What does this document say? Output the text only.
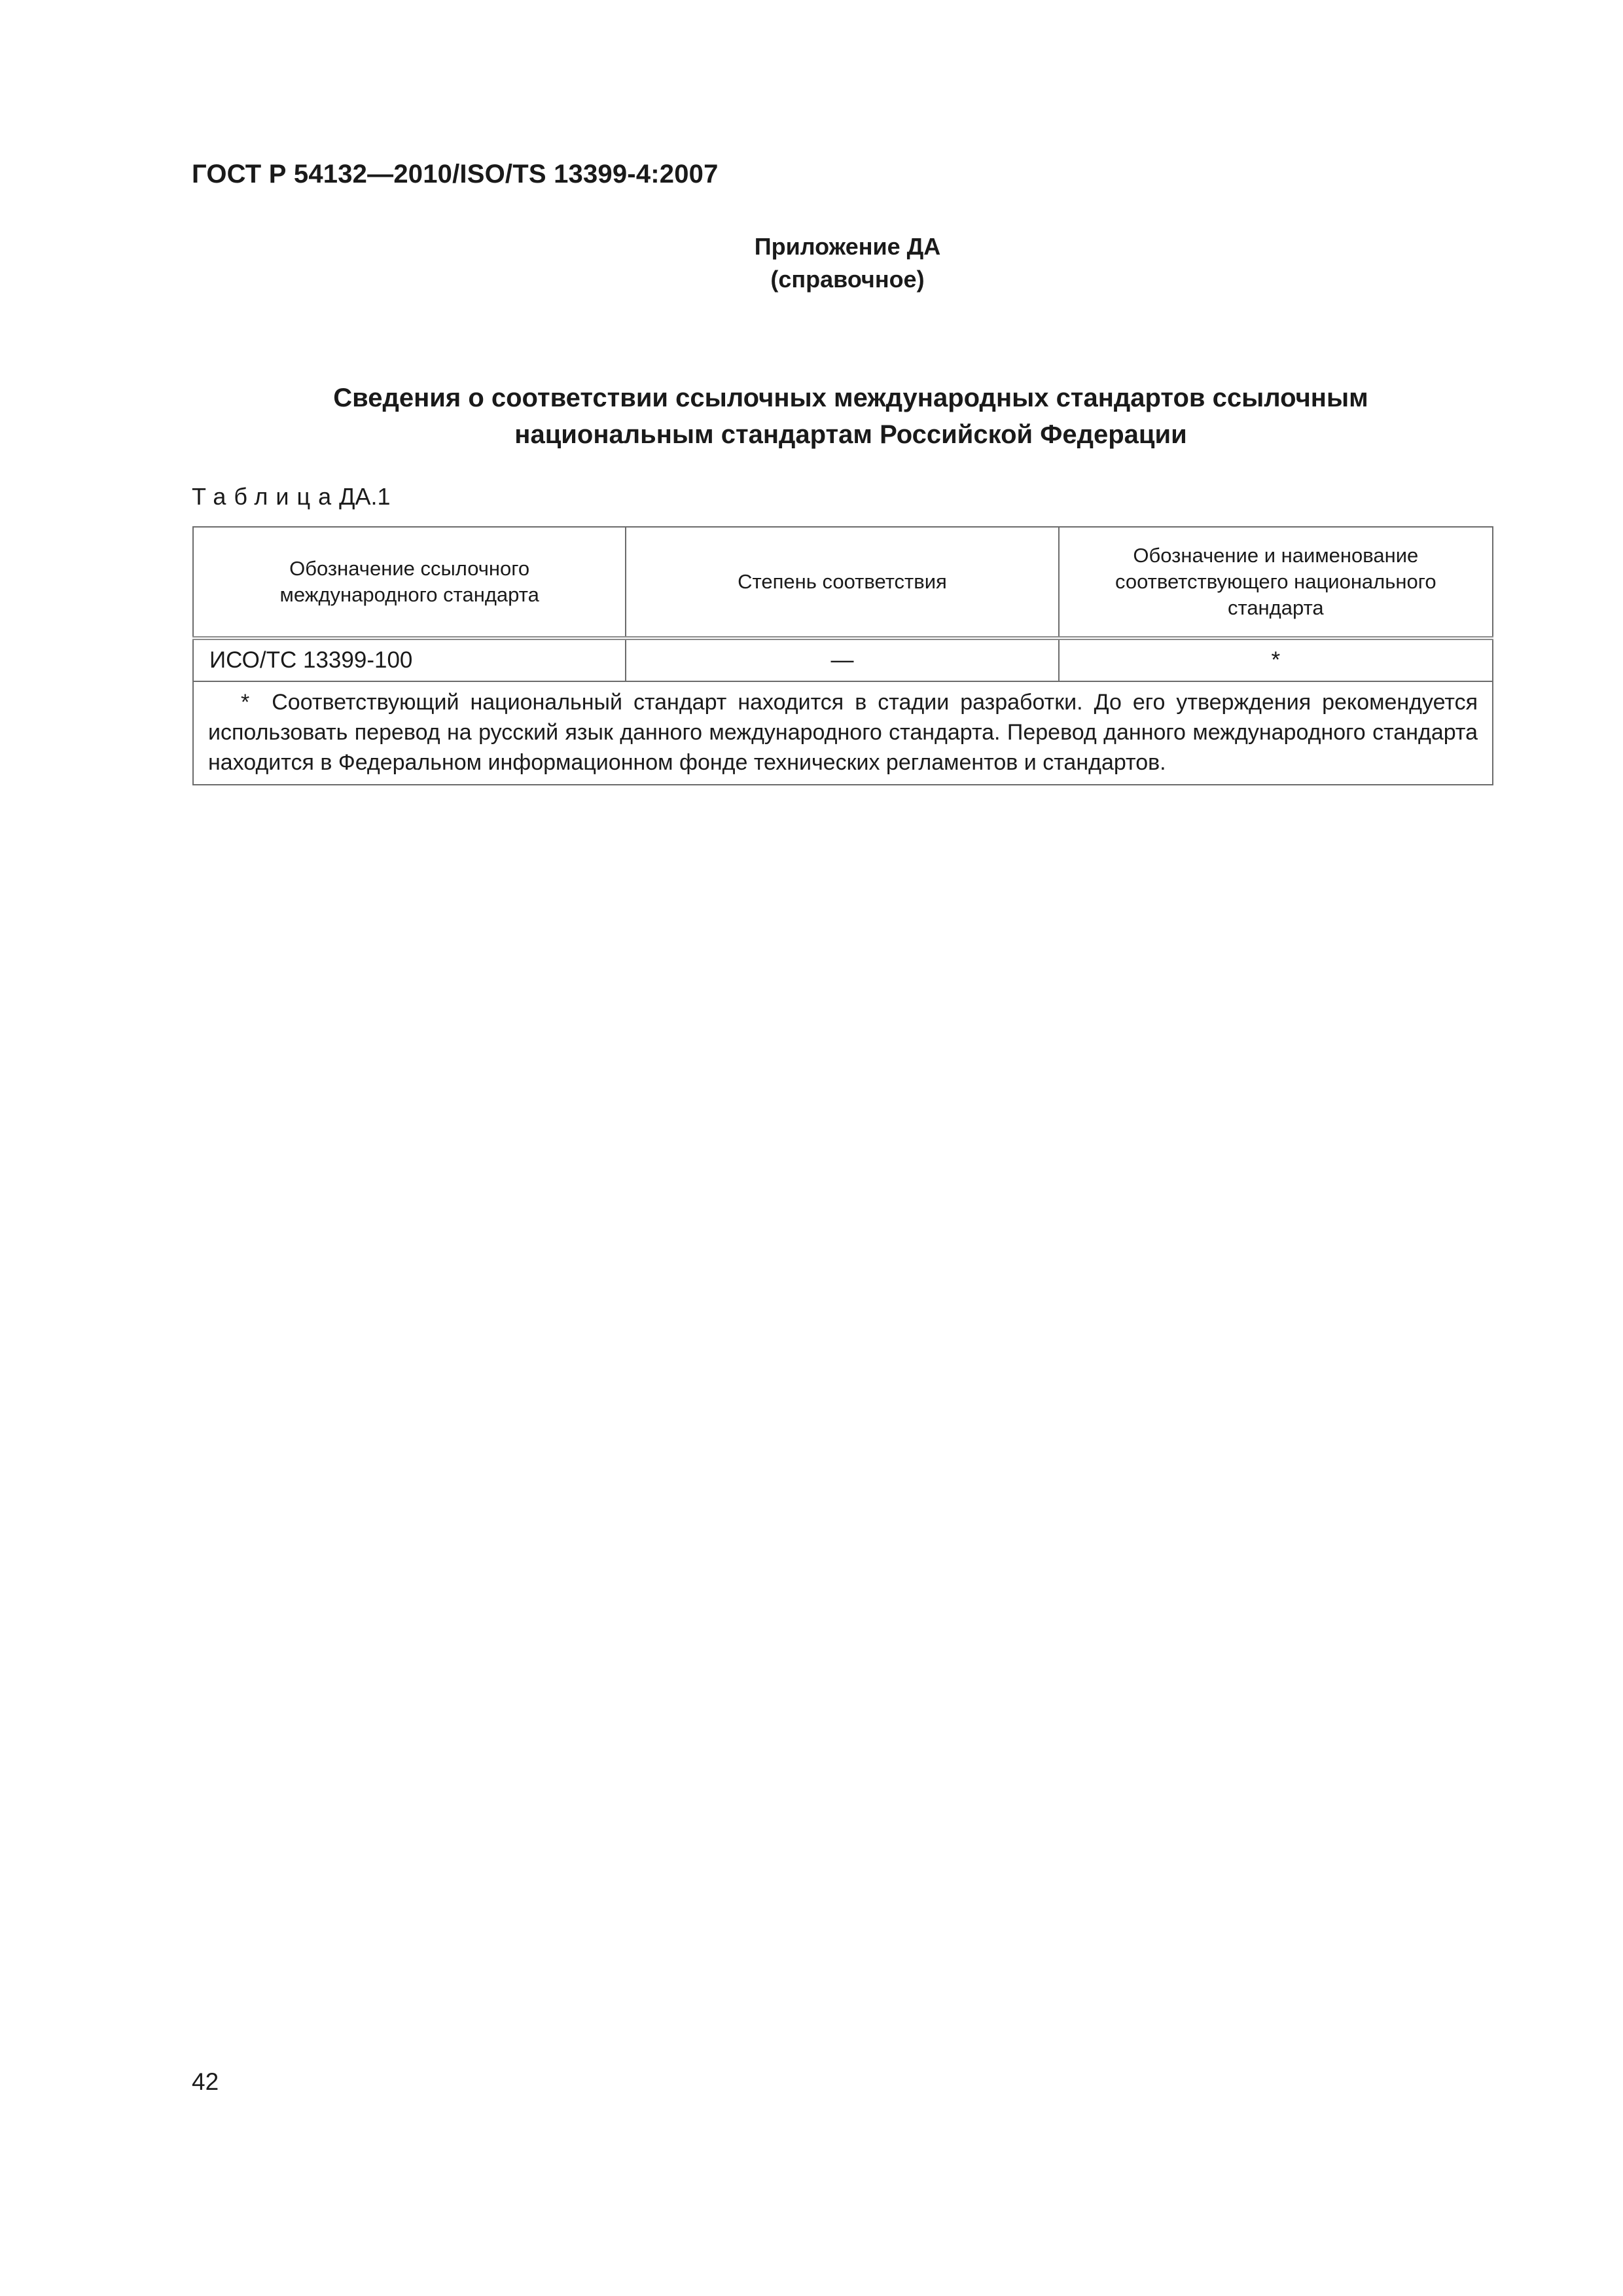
ГОСТ Р 54132—2010/ISO/TS 13399-4:2007
Приложение ДА
(справочное)
Сведения о соответствии ссылочных международных стандартов ссылочным
национальным стандартам Российской Федерации
ТаблицаДА.1
Обозначение ссылочного международного стандарта	Степень соответствия	Обозначение и наименование соответствующего национального стандарта
ИСО/ТС 13399-100	—	*
* Соответствующий национальный стандарт находится в стадии разработки. До его утверждения рекомендуется использовать перевод на русский язык данного международного стандарта. Перевод данного международного стандарта находится в Федеральном информационном фонде технических регламентов и стандартов.		
42
